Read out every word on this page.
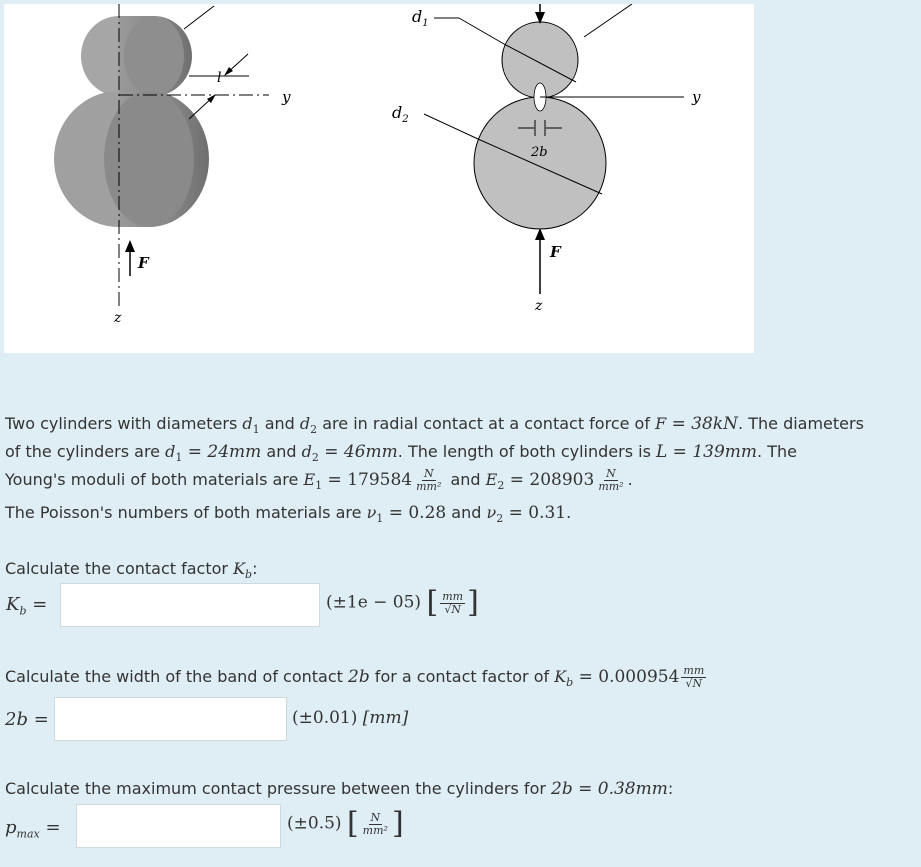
l
y
F
z
y
$d_1$
$d_2$
2b
F
z
Two cylinders with diameters $d_1$ and $d_2$ are in radial contact at a contact force of F = 38kN. The diameters
of the cylinders are $d_1 = 24mm$ and $d_2 = 46mm$. The length of both cylinders is L = 139mm. The
Young's moduli of both materials are $E_1 = 179584 \frac{N}{\text{mm²}}$ and $E_2 = 208903 \frac{N}{\text{mm²}}$ .
The Poisson's numbers of both materials are $\nu_1 = 0.28$ and $\nu_2 = 0.31$.
Calculate the contact factor $K_b$:
$K_b$ =	(±1e − 05) [ $\frac{mm}{√N}$ ]
Calculate the width of the band of contact 2b for a contact factor of $K_b = 0.000954 \frac{mm}{√N}$
2b =	(±0.01) [mm]
Calculate the maximum contact pressure between the cylinders for 2b = 0.38mm:
$p_{max}$ =	(±0.5) [ $\frac{N}{\text{mm²}}$ ]
